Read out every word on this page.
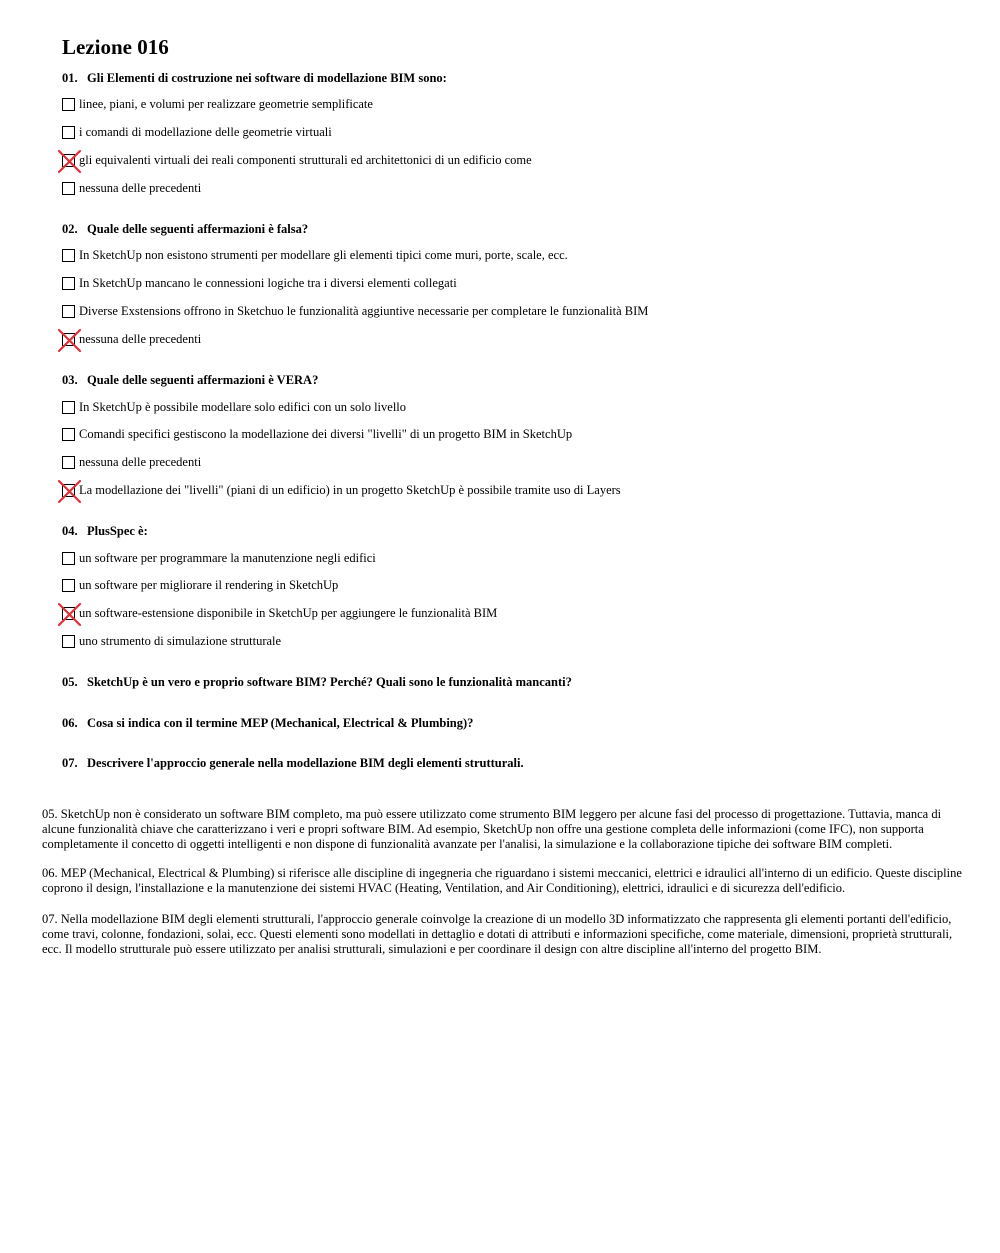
Lezione 016
01. Gli Elementi di costruzione nei software di modellazione BIM sono:
linee, piani, e volumi per realizzare geometrie semplificate
i comandi di modellazione delle geometrie virtuali
gli equivalenti virtuali dei reali componenti strutturali ed architettonici di un edificio come
nessuna delle precedenti
02. Quale delle seguenti affermazioni è falsa?
In SketchUp non esistono strumenti per modellare gli elementi tipici come muri, porte, scale, ecc.
In SketchUp mancano le connessioni logiche tra i diversi elementi collegati
Diverse Exstensions offrono in Sketchuo le funzionalità aggiuntive necessarie per completare le funzionalità BIM
nessuna delle precedenti
03. Quale delle seguenti affermazioni è VERA?
In SketchUp è possibile modellare solo edifici con un solo livello
Comandi specifici gestiscono la modellazione dei diversi "livelli" di un progetto BIM in SketchUp
nessuna delle precedenti
La modellazione dei "livelli" (piani di un edificio) in un progetto SketchUp è possibile tramite uso di Layers
04. PlusSpec è:
un software per programmare la manutenzione negli edifici
un software per migliorare il rendering in SketchUp
un software-estensione disponibile in SketchUp per aggiungere le funzionalità BIM
uno strumento di simulazione strutturale
05. SketchUp è un vero e proprio software BIM? Perché? Quali sono le funzionalità mancanti?
06. Cosa si indica con il termine MEP (Mechanical, Electrical & Plumbing)?
07. Descrivere l'approccio generale nella modellazione BIM degli elementi strutturali.

05. SketchUp non è considerato un software BIM completo, ma può essere utilizzato come strumento BIM leggero per alcune fasi del processo di progettazione. Tuttavia, manca di alcune funzionalità chiave che caratterizzano i veri e propri software BIM. Ad esempio, SketchUp non offre una gestione completa delle informazioni (come IFC), non supporta completamente il concetto di oggetti intelligenti e non dispone di funzionalità avanzate per l'analisi, la simulazione e la collaborazione tipiche dei software BIM completi.

06. MEP (Mechanical, Electrical & Plumbing) si riferisce alle discipline di ingegneria che riguardano i sistemi meccanici, elettrici e idraulici all'interno di un edificio. Queste discipline coprono il design, l'installazione e la manutenzione dei sistemi HVAC (Heating, Ventilation, and Air Conditioning), elettrici, idraulici e di sicurezza dell'edificio.

07. Nella modellazione BIM degli elementi strutturali, l'approccio generale coinvolge la creazione di un modello 3D informatizzato che rappresenta gli elementi portanti dell'edificio, come travi, colonne, fondazioni, solai, ecc. Questi elementi sono modellati in dettaglio e dotati di attributi e informazioni specifiche, come materiale, dimensioni, proprietà strutturali, ecc. Il modello strutturale può essere utilizzato per analisi strutturali, simulazioni e per coordinare il design con altre discipline all'interno del progetto BIM.
